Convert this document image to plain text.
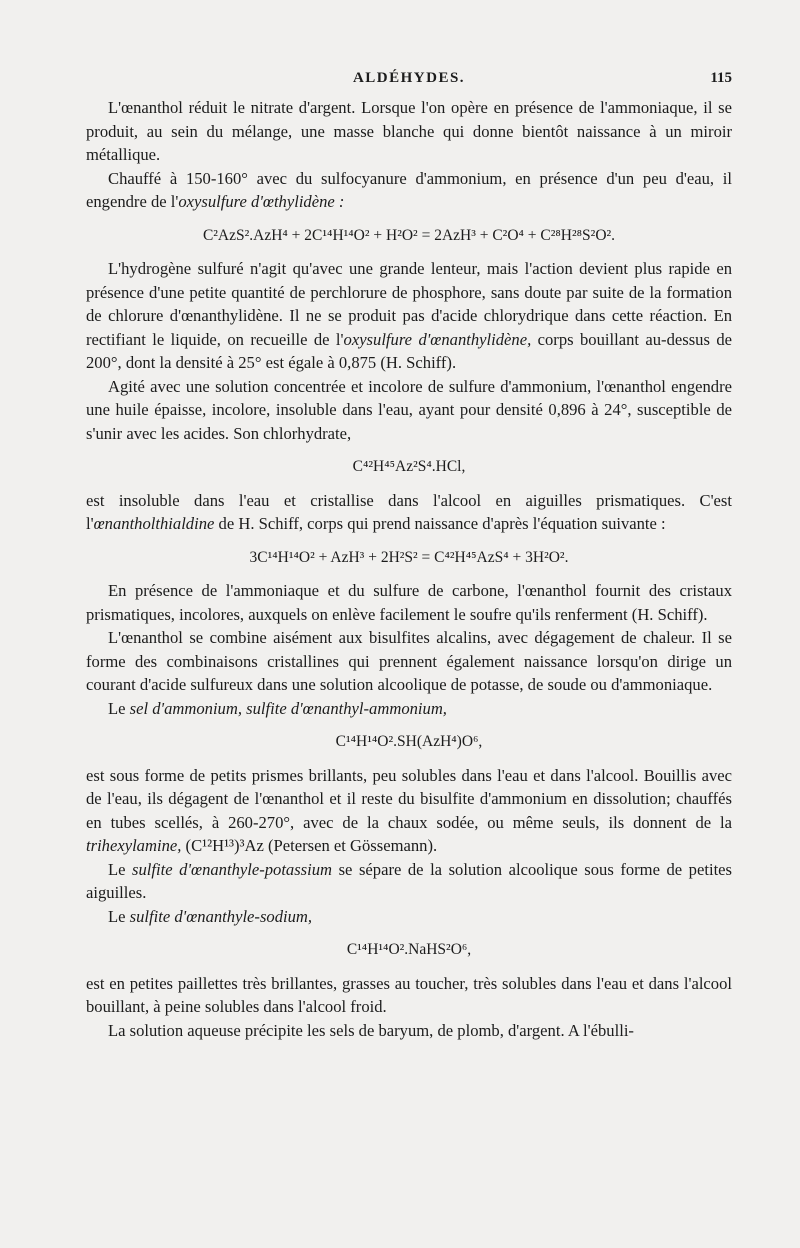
ALDÉHYDES.	115

L'œnanthol réduit le nitrate d'argent. Lorsque l'on opère en présence de l'ammoniaque, il se produit, au sein du mélange, une masse blanche qui donne bientôt naissance à un miroir métallique.

Chauffé à 150-160° avec du sulfocyanure d'ammonium, en présence d'un peu d'eau, il engendre de l'oxysulfure d'œthylidène :

C²AzS².AzH⁴ + 2C¹⁴H¹⁴O² + H²O² = 2AzH³ + C²O⁴ + C²⁸H²⁸S²O².

L'hydrogène sulfuré n'agit qu'avec une grande lenteur, mais l'action devient plus rapide en présence d'une petite quantité de perchlorure de phosphore, sans doute par suite de la formation de chlorure d'œnanthylidène. Il ne se produit pas d'acide chlorydrique dans cette réaction. En rectifiant le liquide, on recueille de l'oxysulfure d'œnanthylidène, corps bouillant au-dessus de 200°, dont la densité à 25° est égale à 0,875 (H. Schiff).

Agité avec une solution concentrée et incolore de sulfure d'ammonium, l'œnanthol engendre une huile épaisse, incolore, insoluble dans l'eau, ayant pour densité 0,896 à 24°, susceptible de s'unir avec les acides. Son chlorhydrate,

C⁴²H⁴⁵Az²S⁴.HCl,

est insoluble dans l'eau et cristallise dans l'alcool en aiguilles prismatiques. C'est l'œnantholthialdine de H. Schiff, corps qui prend naissance d'après l'équation suivante :

3C¹⁴H¹⁴O² + AzH³ + 2H²S² = C⁴²H⁴⁵AzS⁴ + 3H²O².

En présence de l'ammoniaque et du sulfure de carbone, l'œnanthol fournit des cristaux prismatiques, incolores, auxquels on enlève facilement le soufre qu'ils renferment (H. Schiff).

L'œnanthol se combine aisément aux bisulfites alcalins, avec dégagement de chaleur. Il se forme des combinaisons cristallines qui prennent également naissance lorsqu'on dirige un courant d'acide sulfureux dans une solution alcoolique de potasse, de soude ou d'ammoniaque.

Le sel d'ammonium, sulfite d'œnanthyl-ammonium,

C¹⁴H¹⁴O².SH(AzH⁴)O⁶,

est sous forme de petits prismes brillants, peu solubles dans l'eau et dans l'alcool. Bouillis avec de l'eau, ils dégagent de l'œnanthol et il reste du bisulfite d'ammonium en dissolution; chauffés en tubes scellés, à 260-270°, avec de la chaux sodée, ou même seuls, ils donnent de la trihexylamine, (C¹²H¹³)³Az (Petersen et Gössemann).

Le sulfite d'œnanthyle-potassium se sépare de la solution alcoolique sous forme de petites aiguilles.

Le sulfite d'œnanthyle-sodium,

C¹⁴H¹⁴O².NaHS²O⁶,

est en petites paillettes très brillantes, grasses au toucher, très solubles dans l'eau et dans l'alcool bouillant, à peine solubles dans l'alcool froid.

La solution aqueuse précipite les sels de baryum, de plomb, d'argent. A l'ébulli-
